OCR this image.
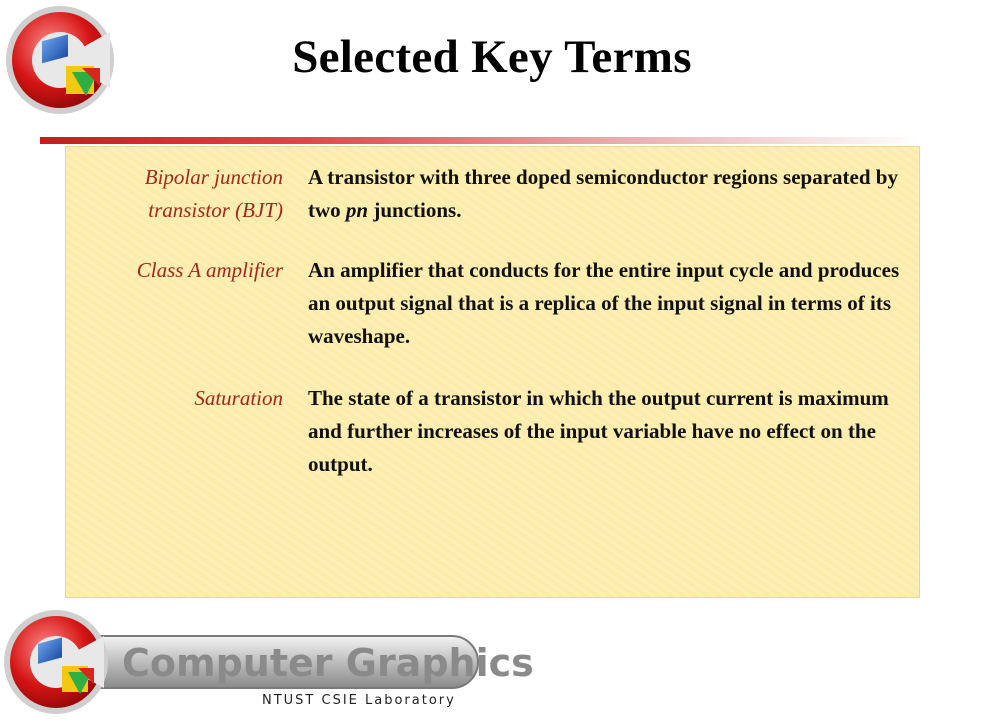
Selected Key Terms
Bipolar junction
transistor (BJT)
A transistor with three doped semiconductor regions separated by two pn junctions.
Class A amplifier An amplifier that conducts for the entire input cycle and produces an output signal that is a replica of the input signal in terms of its waveshape.
Saturation The state of a transistor in which the output current is maximum and further increases of the input variable have no effect on the output.
Computer Graphics
NTUST CSIE Laboratory
